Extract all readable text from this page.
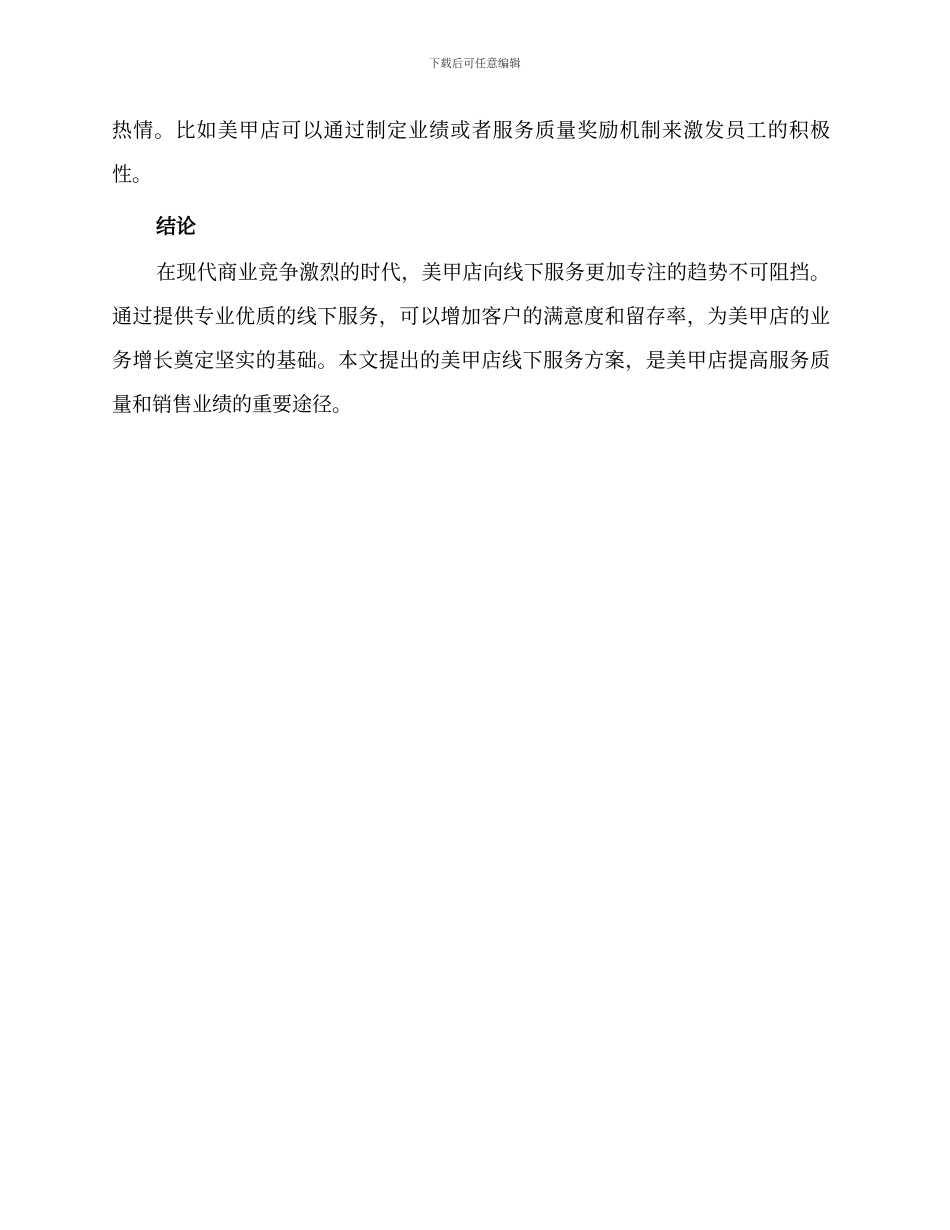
下载后可任意编辑

热情。比如美甲店可以通过制定业绩或者服务质量奖励机制来激发员工的积极性。

结论

在现代商业竞争激烈的时代，美甲店向线下服务更加专注的趋势不可阻挡。通过提供专业优质的线下服务，可以增加客户的满意度和留存率，为美甲店的业务增长奠定坚实的基础。本文提出的美甲店线下服务方案，是美甲店提高服务质量和销售业绩的重要途径。
